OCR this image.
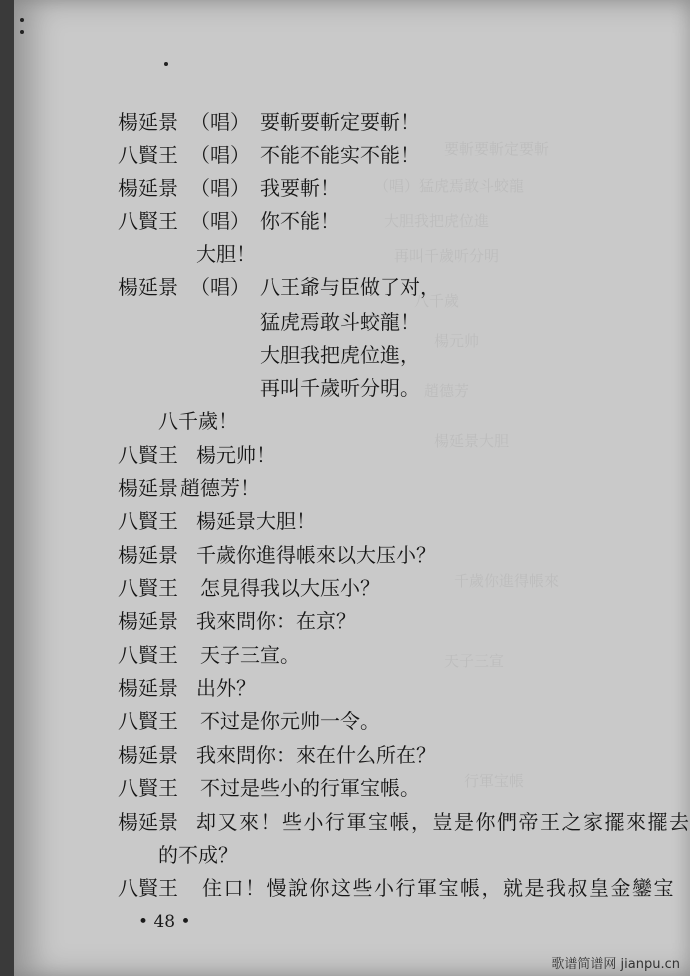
要斬要斬定要斬
（唱）猛虎焉敢斗蛟龍
大胆我把虎位進
再叫千歲听分明
八千歲
楊元帅
趙德芳
楊延景大胆
千歲你進得帳來
天子三宣
行軍宝帳
楊延景 （唱） 要斬要斬定要斬！
八賢王 （唱） 不能不能实不能！
楊延景 （唱） 我要斬！
八賢王 （唱） 你不能！
大胆！
楊延景 （唱） 八王爺与臣做了对，
猛虎焉敢斗蛟龍！
大胆我把虎位進，
再叫千歲听分明。
八千歲！
八賢王 楊元帅！
楊延景 趙德芳！
八賢王 楊延景大胆！
楊延景 千歲你進得帳來以大压小？
八賢王 怎見得我以大压小？
楊延景 我來問你：在京？
八賢王 天子三宣。
楊延景 出外？
八賢王 不过是你元帅一令。
楊延景 我來問你：來在什么所在？
八賢王 不过是些小的行軍宝帳。
楊延景 却又來！些小行軍宝帳，豈是你們帝王之家擺來擺去
的不成？
八賢王 住口！慢說你这些小行軍宝帳，就是我叔皇金鑾宝
• 48 •
歌谱简谱网 jianpu.cn
